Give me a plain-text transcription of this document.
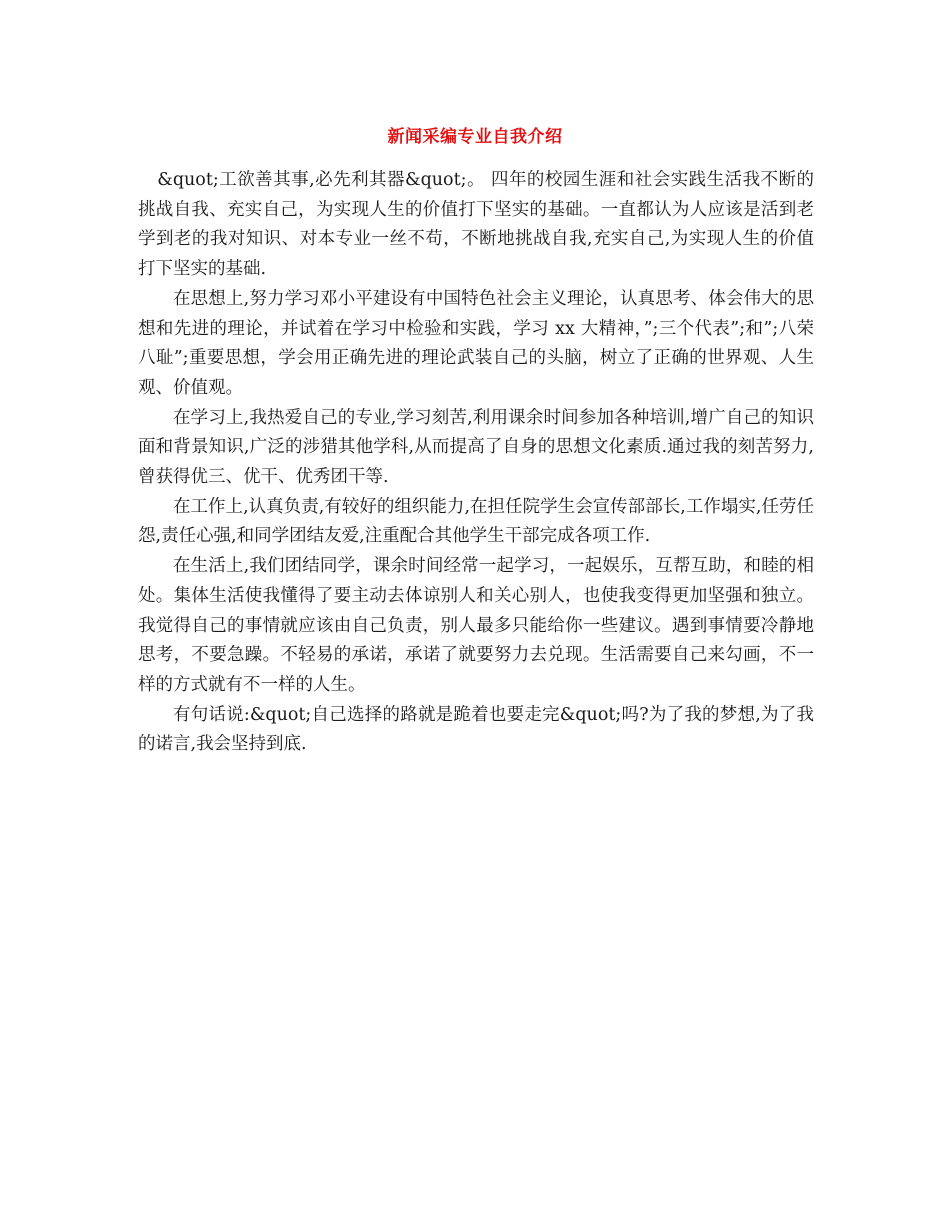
新闻采编专业自我介绍

&quot;工欲善其事,必先利其器&quot;。 四年的校园生涯和社会实践生活我不断的挑战自我、充实自己，为实现人生的价值打下坚实的基础。一直都认为人应该是活到老学到老的我对知识、对本专业一丝不苟，不断地挑战自我,充实自己,为实现人生的价值打下坚实的基础.

在思想上,努力学习邓小平建设有中国特色社会主义理论，认真思考、体会伟大的思想和先进的理论，并试着在学习中检验和实践，学习 xx 大精神，”;三个代表”;和”;八荣八耻”;重要思想，学会用正确先进的理论武装自己的头脑，树立了正确的世界观、人生观、价值观。

在学习上,我热爱自己的专业,学习刻苦,利用课余时间参加各种培训,增广自己的知识面和背景知识,广泛的涉猎其他学科,从而提高了自身的思想文化素质.通过我的刻苦努力,曾获得优三、优干、优秀团干等.

在工作上,认真负责,有较好的组织能力,在担任院学生会宣传部部长,工作塌实,任劳任怨,责任心强,和同学团结友爱,注重配合其他学生干部完成各项工作.

在生活上,我们团结同学，课余时间经常一起学习，一起娱乐，互帮互助，和睦的相处。集体生活使我懂得了要主动去体谅别人和关心别人，也使我变得更加坚强和独立。我觉得自己的事情就应该由自己负责，别人最多只能给你一些建议。遇到事情要冷静地思考，不要急躁。不轻易的承诺，承诺了就要努力去兑现。生活需要自己来勾画，不一样的方式就有不一样的人生。

有句话说:&quot;自己选择的路就是跪着也要走完&quot;吗?为了我的梦想,为了我的诺言,我会坚持到底.
